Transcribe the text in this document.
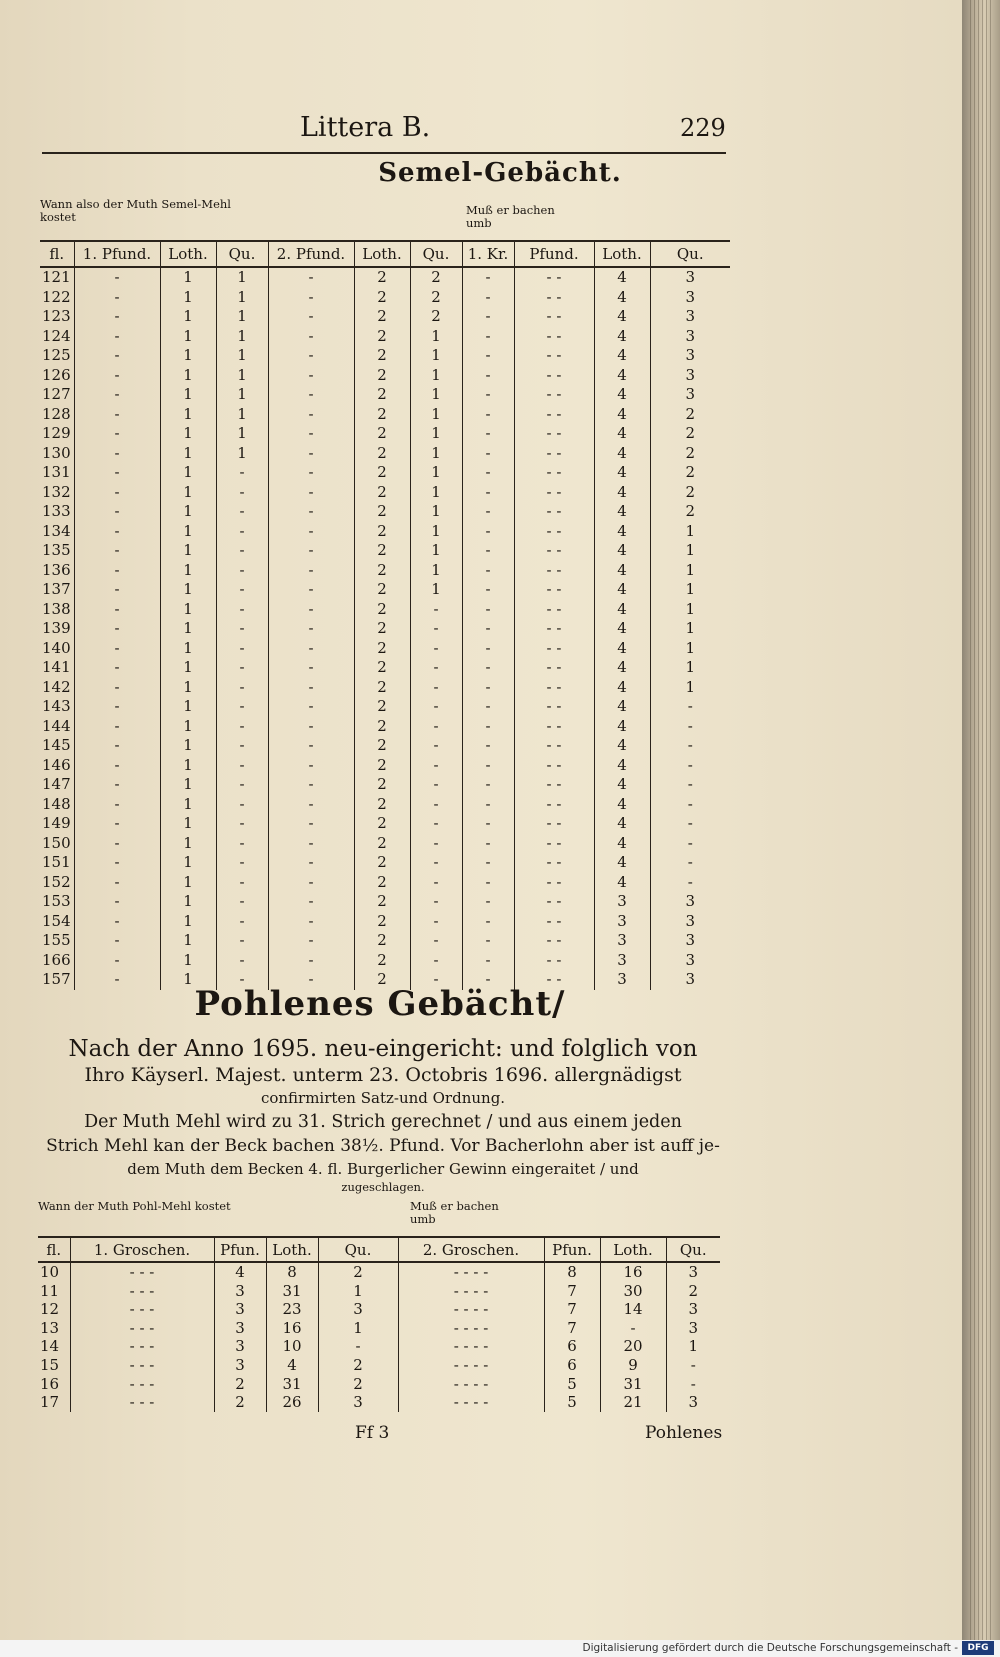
Littera B.	229
Semel-Gebächt.
Wann also der Muth Semel-Mehl kostet	Muß er bachen umb
fl.	1. Pfund.	Loth.	Qu.	2. Pfund.	Loth.	Qu.	1. Kr.	Pfund.	Loth.	Qu.
121	-	1	1	-	2	2	-	- -	4	3
122	-	1	1	-	2	2	-	- -	4	3
123	-	1	1	-	2	2	-	- -	4	3
124	-	1	1	-	2	1	-	- -	4	3
125	-	1	1	-	2	1	-	- -	4	3
126	-	1	1	-	2	1	-	- -	4	3
127	-	1	1	-	2	1	-	- -	4	3
128	-	1	1	-	2	1	-	- -	4	2
129	-	1	1	-	2	1	-	- -	4	2
130	-	1	1	-	2	1	-	- -	4	2
131	-	1	-	-	2	1	-	- -	4	2
132	-	1	-	-	2	1	-	- -	4	2
133	-	1	-	-	2	1	-	- -	4	2
134	-	1	-	-	2	1	-	- -	4	1
135	-	1	-	-	2	1	-	- -	4	1
136	-	1	-	-	2	1	-	- -	4	1
137	-	1	-	-	2	1	-	- -	4	1
138	-	1	-	-	2	-	-	- -	4	1
139	-	1	-	-	2	-	-	- -	4	1
140	-	1	-	-	2	-	-	- -	4	1
141	-	1	-	-	2	-	-	- -	4	1
142	-	1	-	-	2	-	-	- -	4	1
143	-	1	-	-	2	-	-	- -	4	-
144	-	1	-	-	2	-	-	- -	4	-
145	-	1	-	-	2	-	-	- -	4	-
146	-	1	-	-	2	-	-	- -	4	-
147	-	1	-	-	2	-	-	- -	4	-
148	-	1	-	-	2	-	-	- -	4	-
149	-	1	-	-	2	-	-	- -	4	-
150	-	1	-	-	2	-	-	- -	4	-
151	-	1	-	-	2	-	-	- -	4	-
152	-	1	-	-	2	-	-	- -	4	-
153	-	1	-	-	2	-	-	- -	3	3
154	-	1	-	-	2	-	-	- -	3	3
155	-	1	-	-	2	-	-	- -	3	3
166	-	1	-	-	2	-	-	- -	3	3
157	-	1	-	-	2	-	-	- -	3	3
Pohlenes Gebächt/
Nach der Anno 1695. neu-eingericht: und folglich von
Ihro Käyserl. Majest. unterm 23. Octobris 1696. allergnädigst
confirmirten Satz-und Ordnung.
Der Muth Mehl wird zu 31. Strich gerechnet / und aus einem jeden
Strich Mehl kan der Beck bachen 38½. Pfund. Vor Bacherlohn aber ist auff je-
dem Muth dem Becken 4. fl. Burgerlicher Gewinn eingeraitet / und
zugeschlagen.
Wann der Muth Pohl-Mehl kostet	Muß er bachen umb
fl.	1. Groschen.	Pfun.	Loth.	Qu.	2. Groschen.	Pfun.	Loth.	Qu.
10	- - -	4	8	2	- - - -	8	16	3
11	- - -	3	31	1	- - - -	7	30	2
12	- - -	3	23	3	- - - -	7	14	3
13	- - -	3	16	1	- - - -	7	-	3
14	- - -	3	10	-	- - - -	6	20	1
15	- - -	3	4	2	- - - -	6	9	-
16	- - -	2	31	2	- - - -	5	31	-
17	- - -	2	26	3	- - - -	5	21	3
Ff 3	Pohlenes
Digitalisierung gefördert durch die Deutsche Forschungsgemeinschaft -	DFG
